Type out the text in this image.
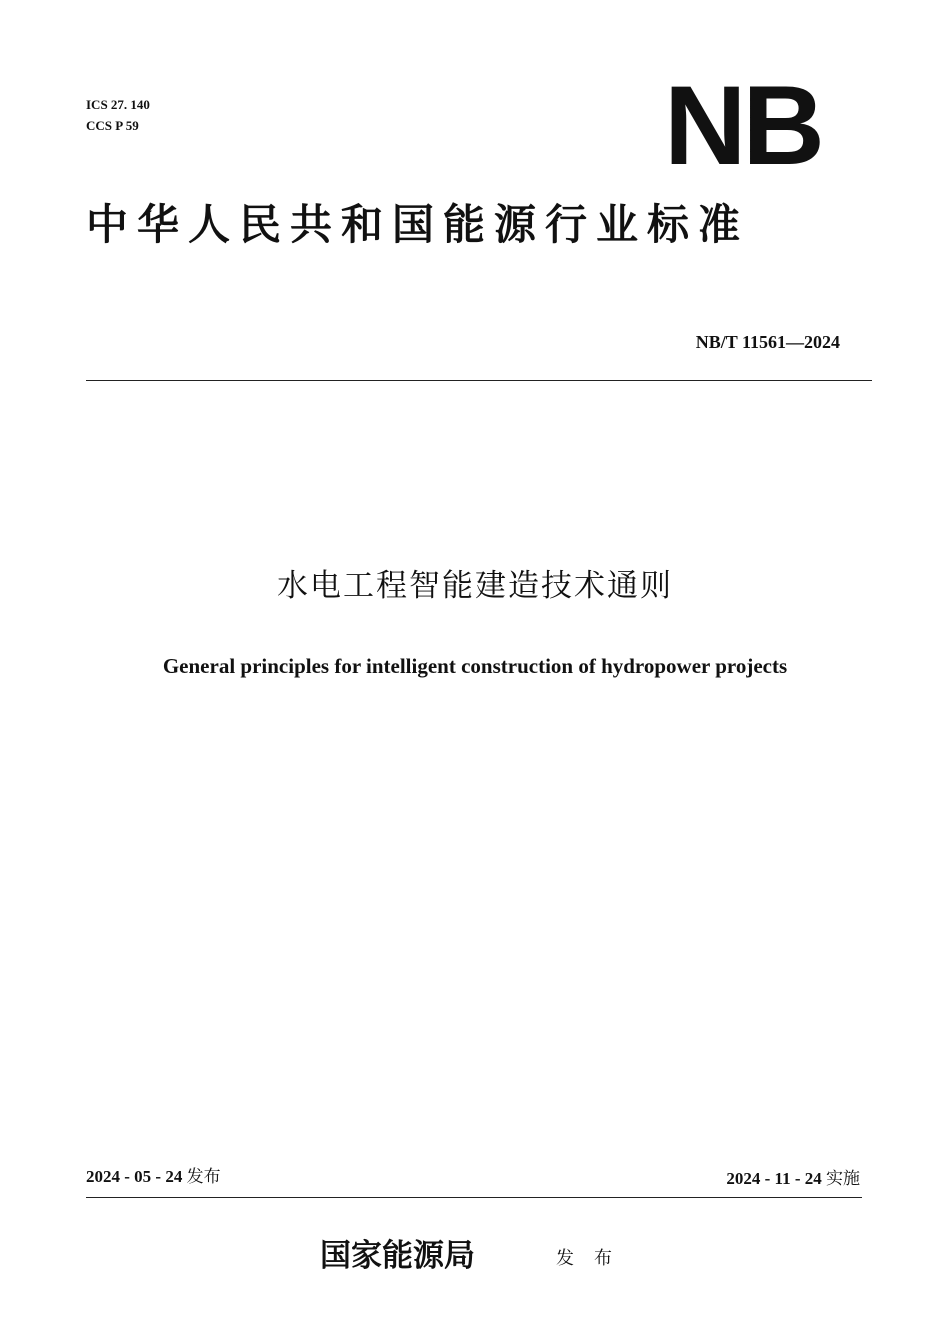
ICS 27. 140
CCS P 59	NB
中华人民共和国能源行业标准
NB/T 11561—2024
水电工程智能建造技术通则
General principles for intelligent construction of hydropower projects
2024 - 05 - 24 发布	2024 - 11 - 24 实施
国家能源局	发布
